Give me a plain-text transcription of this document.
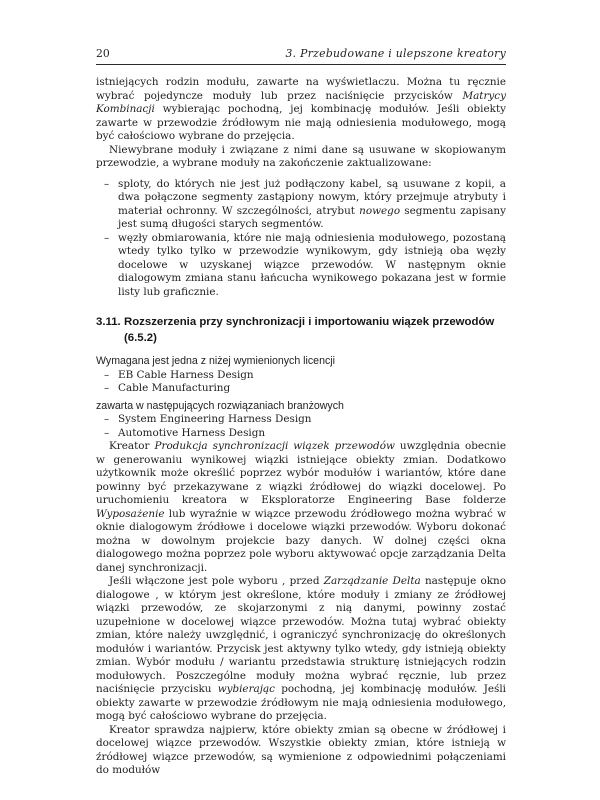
20	3. Przebudowane i ulepszone kreatory

istniejących rodzin modułu, zawarte na wyświetlaczu. Można tu ręcznie wybrać pojedyncze moduły lub przez naciśnięcie przycisków Matrycy Kombinacji wybierając pochodną, jej kombinację modułów. Jeśli obiekty zawarte w przewodzie źródłowym nie mają odniesienia modułowego, mogą być całościowo wybrane do przejęcia.

Niewybrane moduły i związane z nimi dane są usuwane w skopiowanym przewodzie, a wybrane moduły na zakończenie zaktualizowane:

– sploty, do których nie jest już podłączony kabel, są usuwane z kopii, a dwa połączone segmenty zastąpiony nowym, który przejmuje atrybuty i materiał ochronny. W szczególności, atrybut nowego segmentu zapisany jest sumą długości starych segmentów.
– węzły obmiarowania, które nie mają odniesienia modułowego, pozostaną wtedy tylko tylko w przewodzie wynikowym, gdy istnieją oba węzły docelowe w uzyskanej wiązce przewodów. W następnym oknie dialogowym zmiana stanu łańcucha wynikowego pokazana jest w formie listy lub graficznie.
3.11. Rozszerzenia przy synchronizacji i importowaniu wiązek przewodów
(6.5.2)

Wymagana jest jedna z niżej wymienionych licencji

– EB Cable Harness Design
– Cable Manufacturing

zawarta w następujących rozwiązaniach branżowych

– System Engineering Harness Design
– Automotive Harness Design

Kreator Produkcja synchronizacji wiązek przewodów uwzględnia obecnie w generowaniu wynikowej wiązki istniejące obiekty zmian. Dodatkowo użytkownik może określić poprzez wybór modułów i wariantów, które dane powinny być przekazywane z wiązki źródłowej do wiązki docelowej. Po uruchomieniu kreatora w Eksploratorze Engineering Base folderze Wyposażenie lub wyraźnie w wiązce przewodu źródłowego można wybrać w oknie dialogowym źródłowe i docelowe wiązki przewodów. Wyboru dokonać można w dowolnym projekcie bazy danych. W dolnej części okna dialogowego można poprzez pole wyboru aktywować opcje zarządzania Delta danej synchronizacji.

Jeśli włączone jest pole wyboru , przed Zarządzanie Delta następuje okno dialogowe , w którym jest określone, które moduły i zmiany ze źródłowej wiązki przewodów, ze skojarzonymi z nią danymi, powinny zostać uzupełnione w docelowej wiązce przewodów. Można tutaj wybrać obiekty zmian, które należy uwzględnić, i ograniczyć synchronizację do określonych modułów i wariantów. Przycisk jest aktywny tylko wtedy, gdy istnieją obiekty zmian. Wybór modułu / wariantu przedstawia strukturę istniejących rodzin modułowych. Poszczególne moduły można wybrać ręcznie, lub przez naciśnięcie przycisku wybierając pochodną, jej kombinację modułów. Jeśli obiekty zawarte w przewodzie źródłowym nie mają odniesienia modułowego, mogą być całościowo wybrane do przejęcia.

Kreator sprawdza najpierw, które obiekty zmian są obecne w źródłowej i docelowej wiązce przewodów. Wszystkie obiekty zmian, które istnieją w źródłowej wiązce przewodów, są wymienione z odpowiednimi połączeniami do modułów
